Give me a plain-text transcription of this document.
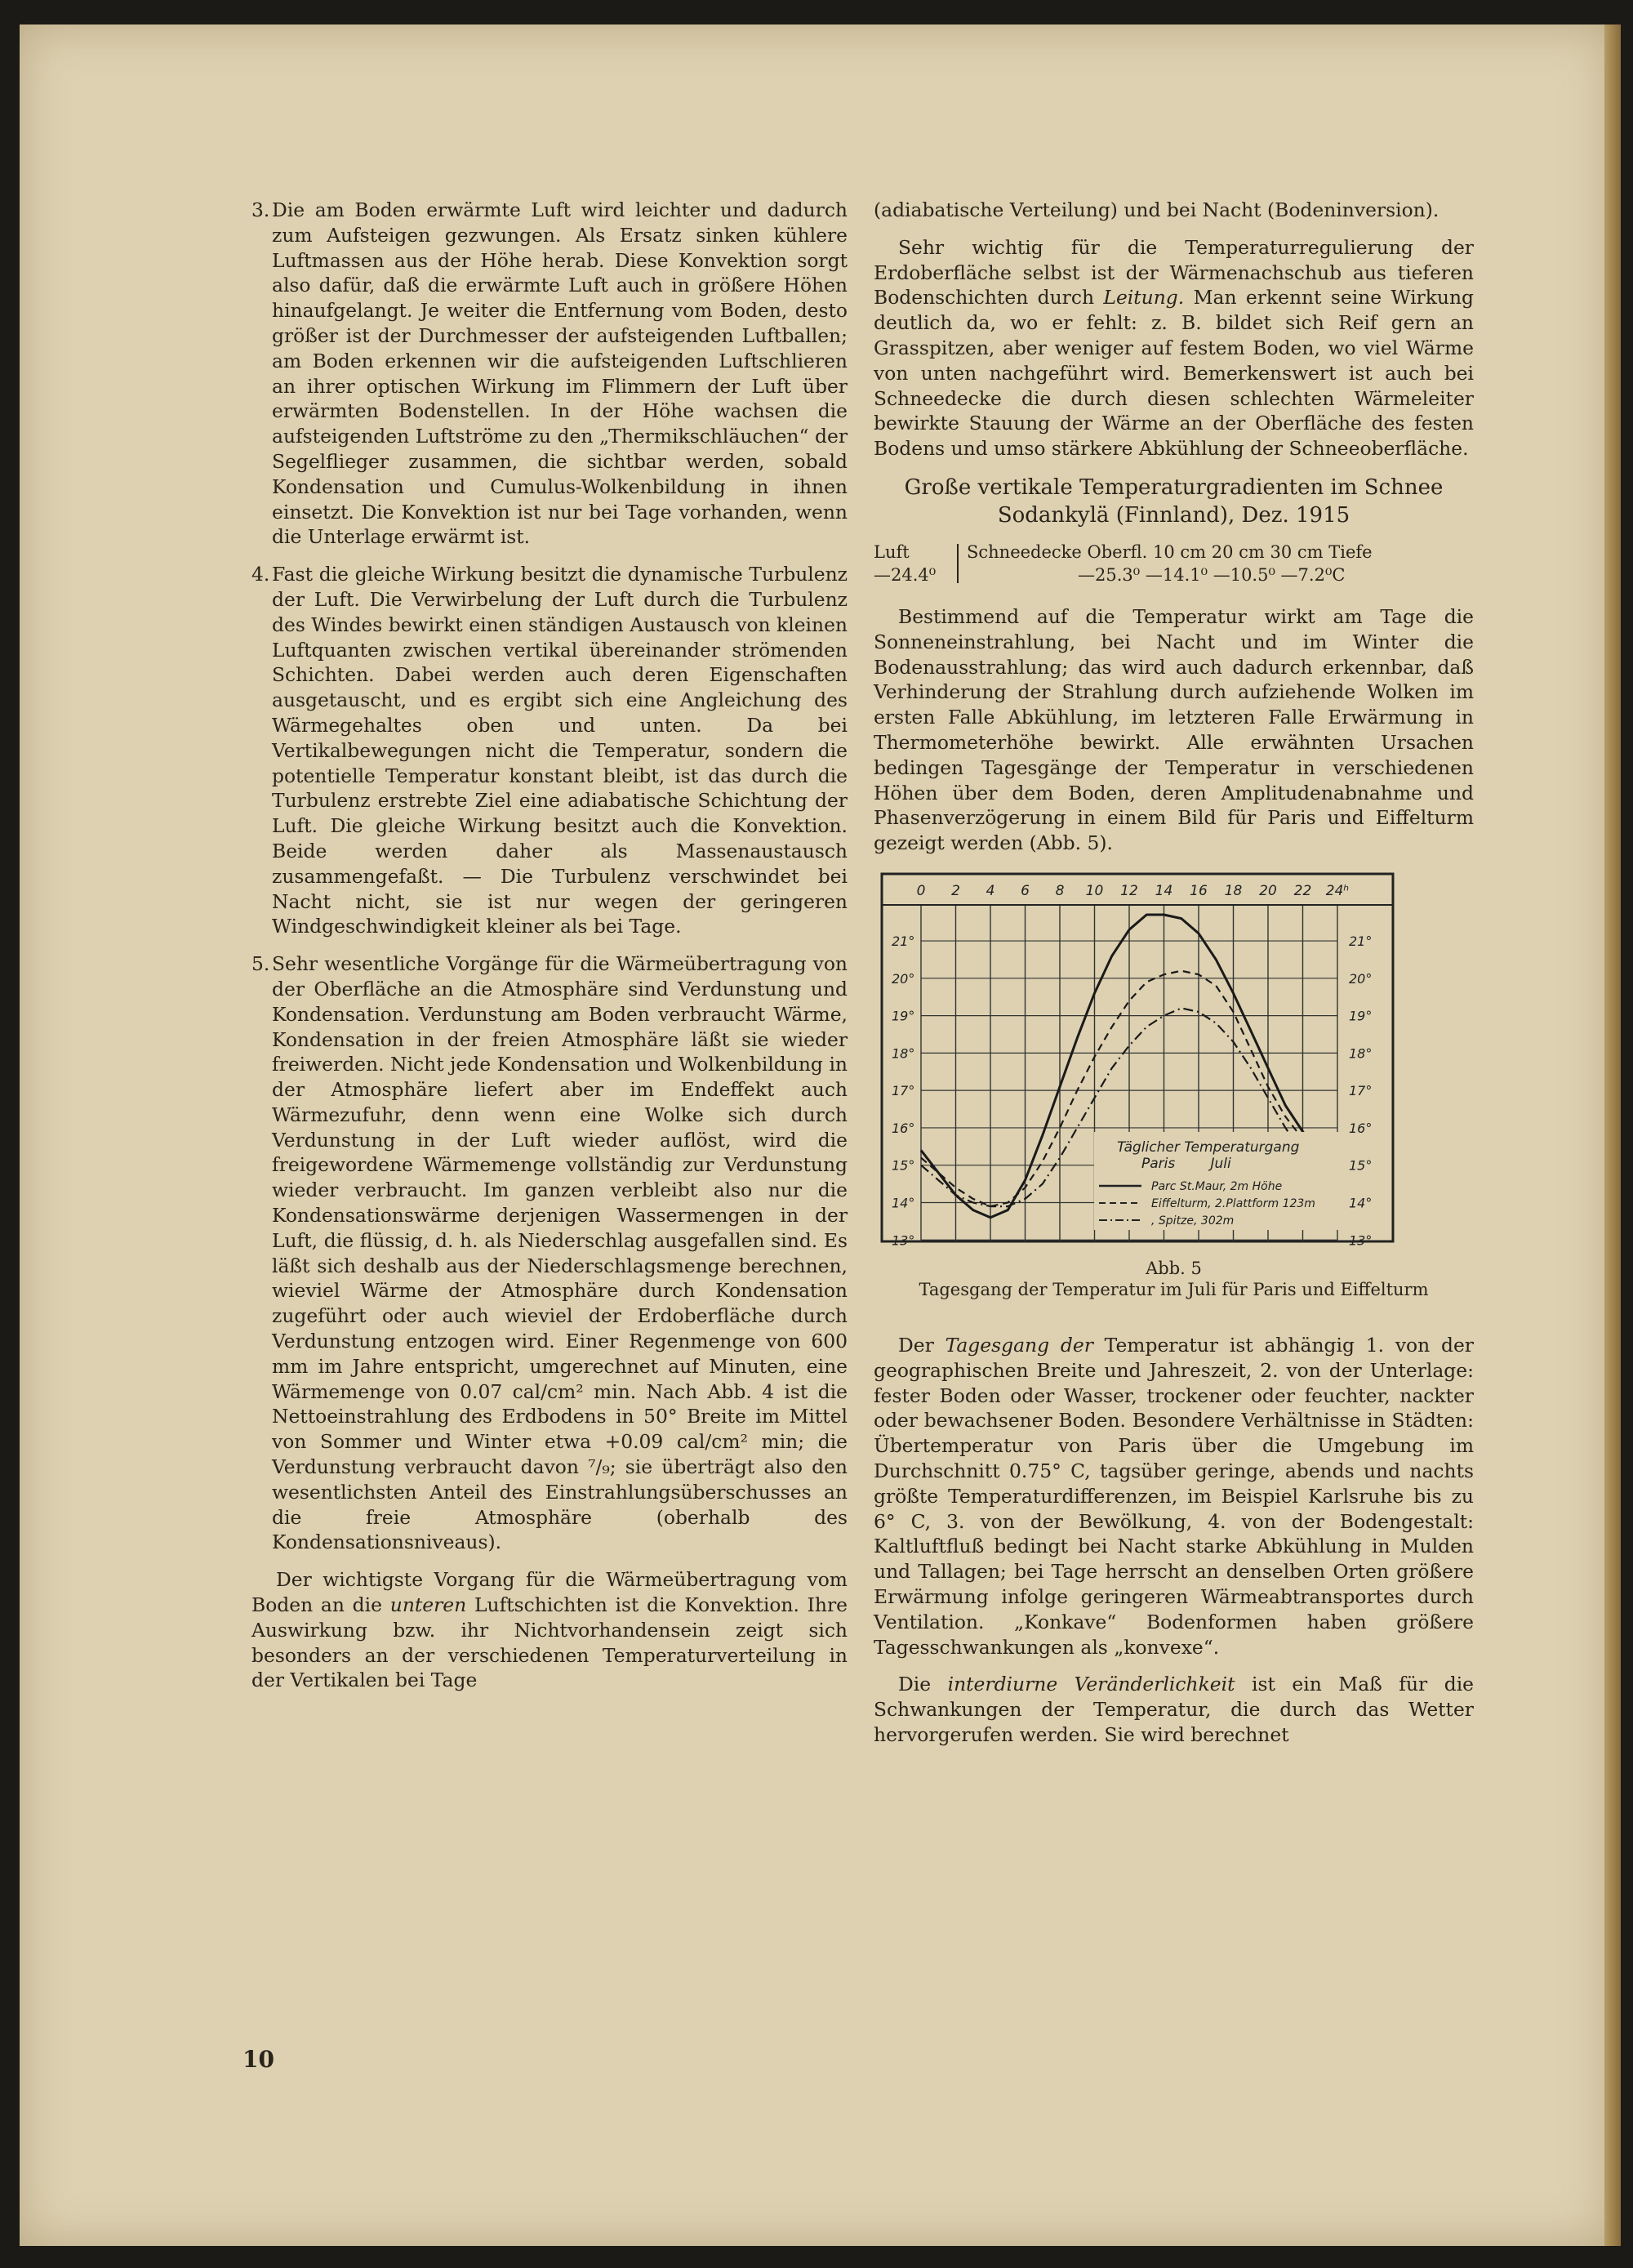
3. Die am Boden erwärmte Luft wird leichter und dadurch zum Aufsteigen gezwungen. Als Ersatz sinken kühlere Luftmassen aus der Höhe herab. Diese Konvektion sorgt also dafür, daß die erwärmte Luft auch in größere Höhen hinaufgelangt. Je weiter die Entfernung vom Boden, desto größer ist der Durchmesser der aufsteigenden Luftballen; am Boden erkennen wir die aufsteigenden Luftschlieren an ihrer optischen Wirkung im Flimmern der Luft über erwärmten Bodenstellen. In der Höhe wachsen die aufsteigenden Luftströme zu den „Thermikschläuchen“ der Segelflieger zusammen, die sichtbar werden, sobald Kondensation und Cumulus-Wolkenbildung in ihnen einsetzt. Die Konvektion ist nur bei Tage vorhanden, wenn die Unterlage erwärmt ist.

4. Fast die gleiche Wirkung besitzt die dynamische Turbulenz der Luft. Die Verwirbelung der Luft durch die Turbulenz des Windes bewirkt einen ständigen Austausch von kleinen Luftquanten zwischen vertikal übereinander strömenden Schichten. Dabei werden auch deren Eigenschaften ausgetauscht, und es ergibt sich eine Angleichung des Wärmegehaltes oben und unten. Da bei Vertikalbewegungen nicht die Temperatur, sondern die potentielle Temperatur konstant bleibt, ist das durch die Turbulenz erstrebte Ziel eine adiabatische Schichtung der Luft. Die gleiche Wirkung besitzt auch die Konvektion. Beide werden daher als Massenaustausch zusammengefaßt. — Die Turbulenz verschwindet bei Nacht nicht, sie ist nur wegen der geringeren Windgeschwindigkeit kleiner als bei Tage.

5. Sehr wesentliche Vorgänge für die Wärmeübertragung von der Oberfläche an die Atmosphäre sind Verdunstung und Kondensation. Verdunstung am Boden verbraucht Wärme, Kondensation in der freien Atmosphäre läßt sie wieder freiwerden. Nicht jede Kondensation und Wolkenbildung in der Atmosphäre liefert aber im Endeffekt auch Wärmezufuhr, denn wenn eine Wolke sich durch Verdunstung in der Luft wieder auflöst, wird die freigewordene Wärmemenge vollständig zur Verdunstung wieder verbraucht. Im ganzen verbleibt also nur die Kondensationswärme derjenigen Wassermengen in der Luft, die flüssig, d. h. als Niederschlag ausgefallen sind. Es läßt sich deshalb aus der Niederschlagsmenge berechnen, wieviel Wärme der Atmosphäre durch Kondensation zugeführt oder auch wieviel der Erdoberfläche durch Verdunstung entzogen wird. Einer Regenmenge von 600 mm im Jahre entspricht, umgerechnet auf Minuten, eine Wärmemenge von 0.07 cal/cm² min. Nach Abb. 4 ist die Nettoeinstrahlung des Erdbodens in 50° Breite im Mittel von Sommer und Winter etwa +0.09 cal/cm² min; die Verdunstung verbraucht davon ⁷/₉; sie überträgt also den wesentlichsten Anteil des Einstrahlungsüberschusses an die freie Atmosphäre (oberhalb des Kondensationsniveaus).

Der wichtigste Vorgang für die Wärmeübertragung vom Boden an die unteren Luftschichten ist die Konvektion. Ihre Auswirkung bzw. ihr Nichtvorhandensein zeigt sich besonders an der verschiedenen Temperaturverteilung in der Vertikalen bei Tage

(adiabatische Verteilung) und bei Nacht (Bodeninversion).

Sehr wichtig für die Temperaturregulierung der Erdoberfläche selbst ist der Wärmenachschub aus tieferen Bodenschichten durch Leitung. Man erkennt seine Wirkung deutlich da, wo er fehlt: z. B. bildet sich Reif gern an Grasspitzen, aber weniger auf festem Boden, wo viel Wärme von unten nachgeführt wird. Bemerkenswert ist auch bei Schneedecke die durch diesen schlechten Wärmeleiter bewirkte Stauung der Wärme an der Oberfläche des festen Bodens und umso stärkere Abkühlung der Schneeoberfläche.

Große vertikale Temperaturgradienten im Schnee

Sodankylä (Finnland), Dez. 1915

Luft	Schneedecke Oberfl. 10 cm 20 cm 30 cm Tiefe
—24.4⁰	—25.3⁰ —14.1⁰ —10.5⁰ —7.2⁰C

Bestimmend auf die Temperatur wirkt am Tage die Sonneneinstrahlung, bei Nacht und im Winter die Bodenausstrahlung; das wird auch dadurch erkennbar, daß Verhinderung der Strahlung durch aufziehende Wolken im ersten Falle Abkühlung, im letzteren Falle Erwärmung in Thermometerhöhe bewirkt. Alle erwähnten Ursachen bedingen Tagesgänge der Temperatur in verschiedenen Höhen über dem Boden, deren Amplitudenabnahme und Phasenverzögerung in einem Bild für Paris und Eiffelturm gezeigt werden (Abb. 5).

0 2 4 6 8 10 12 14 16 18 20 22 24ʰ
21°	21°
20°	20°
19°	19°
18°	18°
17°	17°
16°	16°
15°	15°
14°	14°
13°	13°
Täglicher Temperaturgang
Paris        Juli
Parc St.Maur, 2m Höhe
Eiffelturm, 2.Plattform 123m
, Spitze, 302m

Abb. 5

Tagesgang der Temperatur im Juli für Paris und Eiffelturm

Der Tagesgang der Temperatur ist abhängig 1. von der geographischen Breite und Jahreszeit, 2. von der Unterlage: fester Boden oder Wasser, trockener oder feuchter, nackter oder bewachsener Boden. Besondere Verhältnisse in Städten: Übertemperatur von Paris über die Umgebung im Durchschnitt 0.75° C, tagsüber geringe, abends und nachts größte Temperaturdifferenzen, im Beispiel Karlsruhe bis zu 6° C, 3. von der Bewölkung, 4. von der Bodengestalt: Kaltluftfluß bedingt bei Nacht starke Abkühlung in Mulden und Tallagen; bei Tage herrscht an denselben Orten größere Erwärmung infolge geringeren Wärmeabtransportes durch Ventilation. „Konkave“ Bodenformen haben größere Tagesschwankungen als „konvexe“.

Die interdiurne Veränderlichkeit ist ein Maß für die Schwankungen der Temperatur, die durch das Wetter hervorgerufen werden. Sie wird berechnet

10
